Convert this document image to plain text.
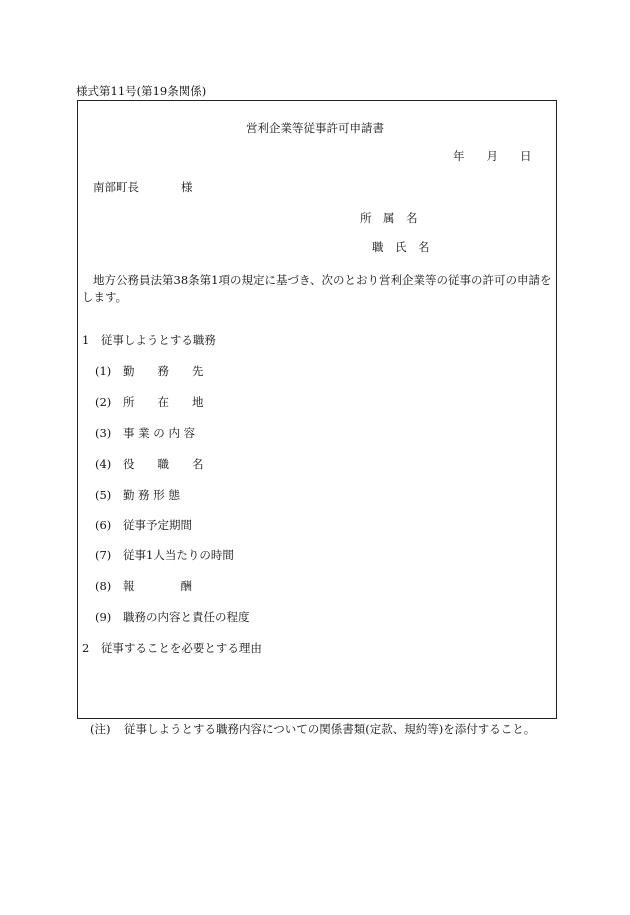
様式第11号(第19条関係)
営利企業等従事許可申請書
年 月 日
南部町長	様
所　属　名
職　氏　名
地方公務員法第38条第1項の規定に基づき、次のとおり営利企業等の従事の許可の申請をします。
1　従事しようとする職務
(1) 勤　　務　　先
(2) 所　　在　　地
(3) 事 業 の 内 容
(4) 役　　職　　名
(5) 勤 務 形 態
(6) 従事予定期間
(7) 従事1人当たりの時間
(8) 報　　　　酬
(9) 職務の内容と責任の程度
2　従事することを必要とする理由
(注) 従事しようとする職務内容についての関係書類(定款、規約等)を添付すること。
